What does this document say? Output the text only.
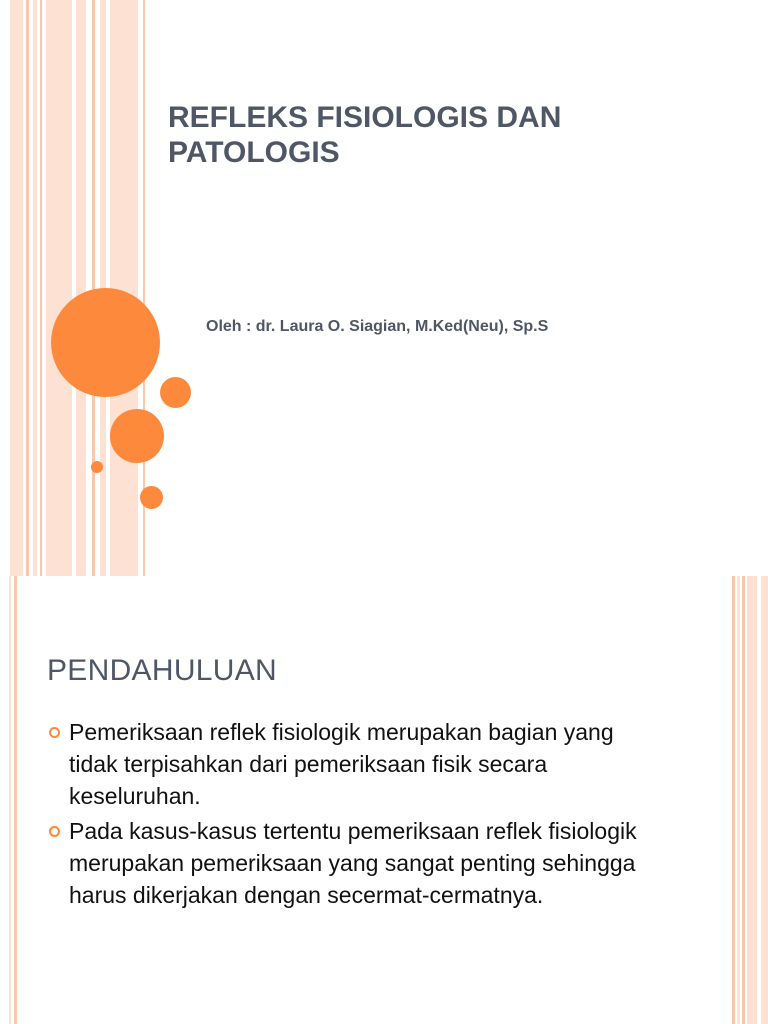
REFLEKS FISIOLOGIS DAN
PATOLOGIS

Oleh : dr. Laura O. Siagian, M.Ked(Neu), Sp.S

PENDAHULUAN
Pemeriksaan reflek fisiologik merupakan bagian yang tidak terpisahkan dari pemeriksaan fisik secara keseluruhan.
Pada kasus-kasus tertentu pemeriksaan reflek fisiologik merupakan pemeriksaan yang sangat penting sehingga harus dikerjakan dengan secermat-cermatnya.
